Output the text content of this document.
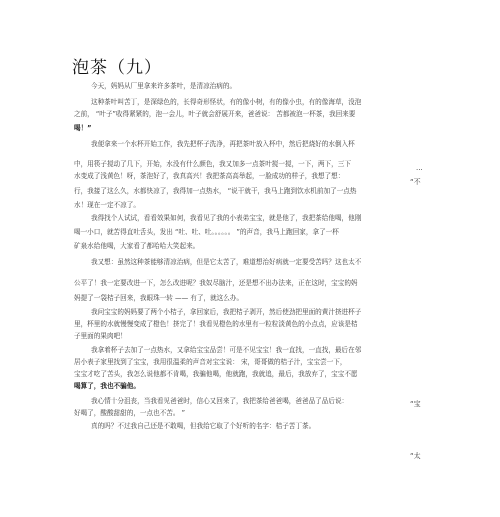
泡茶（九）
今天，妈妈从厂里拿来许多茶叶，是清凉治病的。
这种茶叶叫苦丁，是深绿色的，长得奇形怪状，有的像小树，有的像小虫，有的像海草，没泡
之前， “叶子”收得紧紧的，泡一会儿，叶子就会舒展开来，爸爸说： 苦都被泡一杯茶，我回来要
喝！”
我便拿来一个水杯开始工作，我先把杯子洗净，再把茶叶放入杯中，然后把烧好的水倒入杯
中，用筷子搅动了几下，开始，水没有什么颜色，我又加多一点茶叶搅一搅，一下，两下，三下
水变成了浅黄色！呀，茶泡好了，我真高兴！我把茶高高举起，一脸成功的样子，我想了想：
行，我接了这么久，水都快凉了，我得加一点热水， “说干就干，我马上跑到饮水机前加了一点热
水！现在一定不凉了。
我得找个人试试，看看效果如何，我看见了我的小表弟宝宝，就是他了，我把茶给他喝，他刚
喝一小口，就苦得直吐舌头，发出 “吐、吐、吐。。。。。。 ”的声音，我马上跑回家，拿了一杯
矿泉水给他喝，大家看了都哈哈大笑起来。
我又想：虽然这种茶能够清凉治病，但是它太苦了，难道想治好病就一定要受苦吗？这也太不
公平了！我一定要改进一下，怎么改进呢？我奴尽脑汁，还是想不出办法来，正在这时，宝宝的妈
妈提了一袋桔子回来，我眼珠一转 —— 有了，就这么办。
我问宝宝的妈妈要了两个小桔子，拿回家后，我把桔子剥开，然后使劲把里面的黄汁挤进杯子
里，杯里的水就慢慢变成了橙色！挤完了！我看见橙色的水里有一粒粒淡黄色的小点点，应该是桔
子里面的果肉吧！
我拿着杯子去加了一点热水，又拿给宝宝品尝！可是不见宝宝！我一直找，一直找，最后在邻
居小表子家里找到了宝宝，我用很温柔的声音对宝宝说： 宋，哥哥做的桔子汁，宝宝尝一下，
宝宝才吃了苦头，我怎么说他都不肯喝，我骗他喝，他就跑，我就追，最后，我放弃了，宝宝不愿
喝算了，我也不骗他。
我心情十分沮丧，当我看见爸爸时，信心又回来了，我把茶给爸爸喝，爸爸品了品后说：
好喝了，酸酸甜甜的，一点也不苦。 ”
真的吗？不过我自己还是不敢喝，但我给它取了个好听的名字：桔子苦丁茶。
...
“不
“宝
“太
